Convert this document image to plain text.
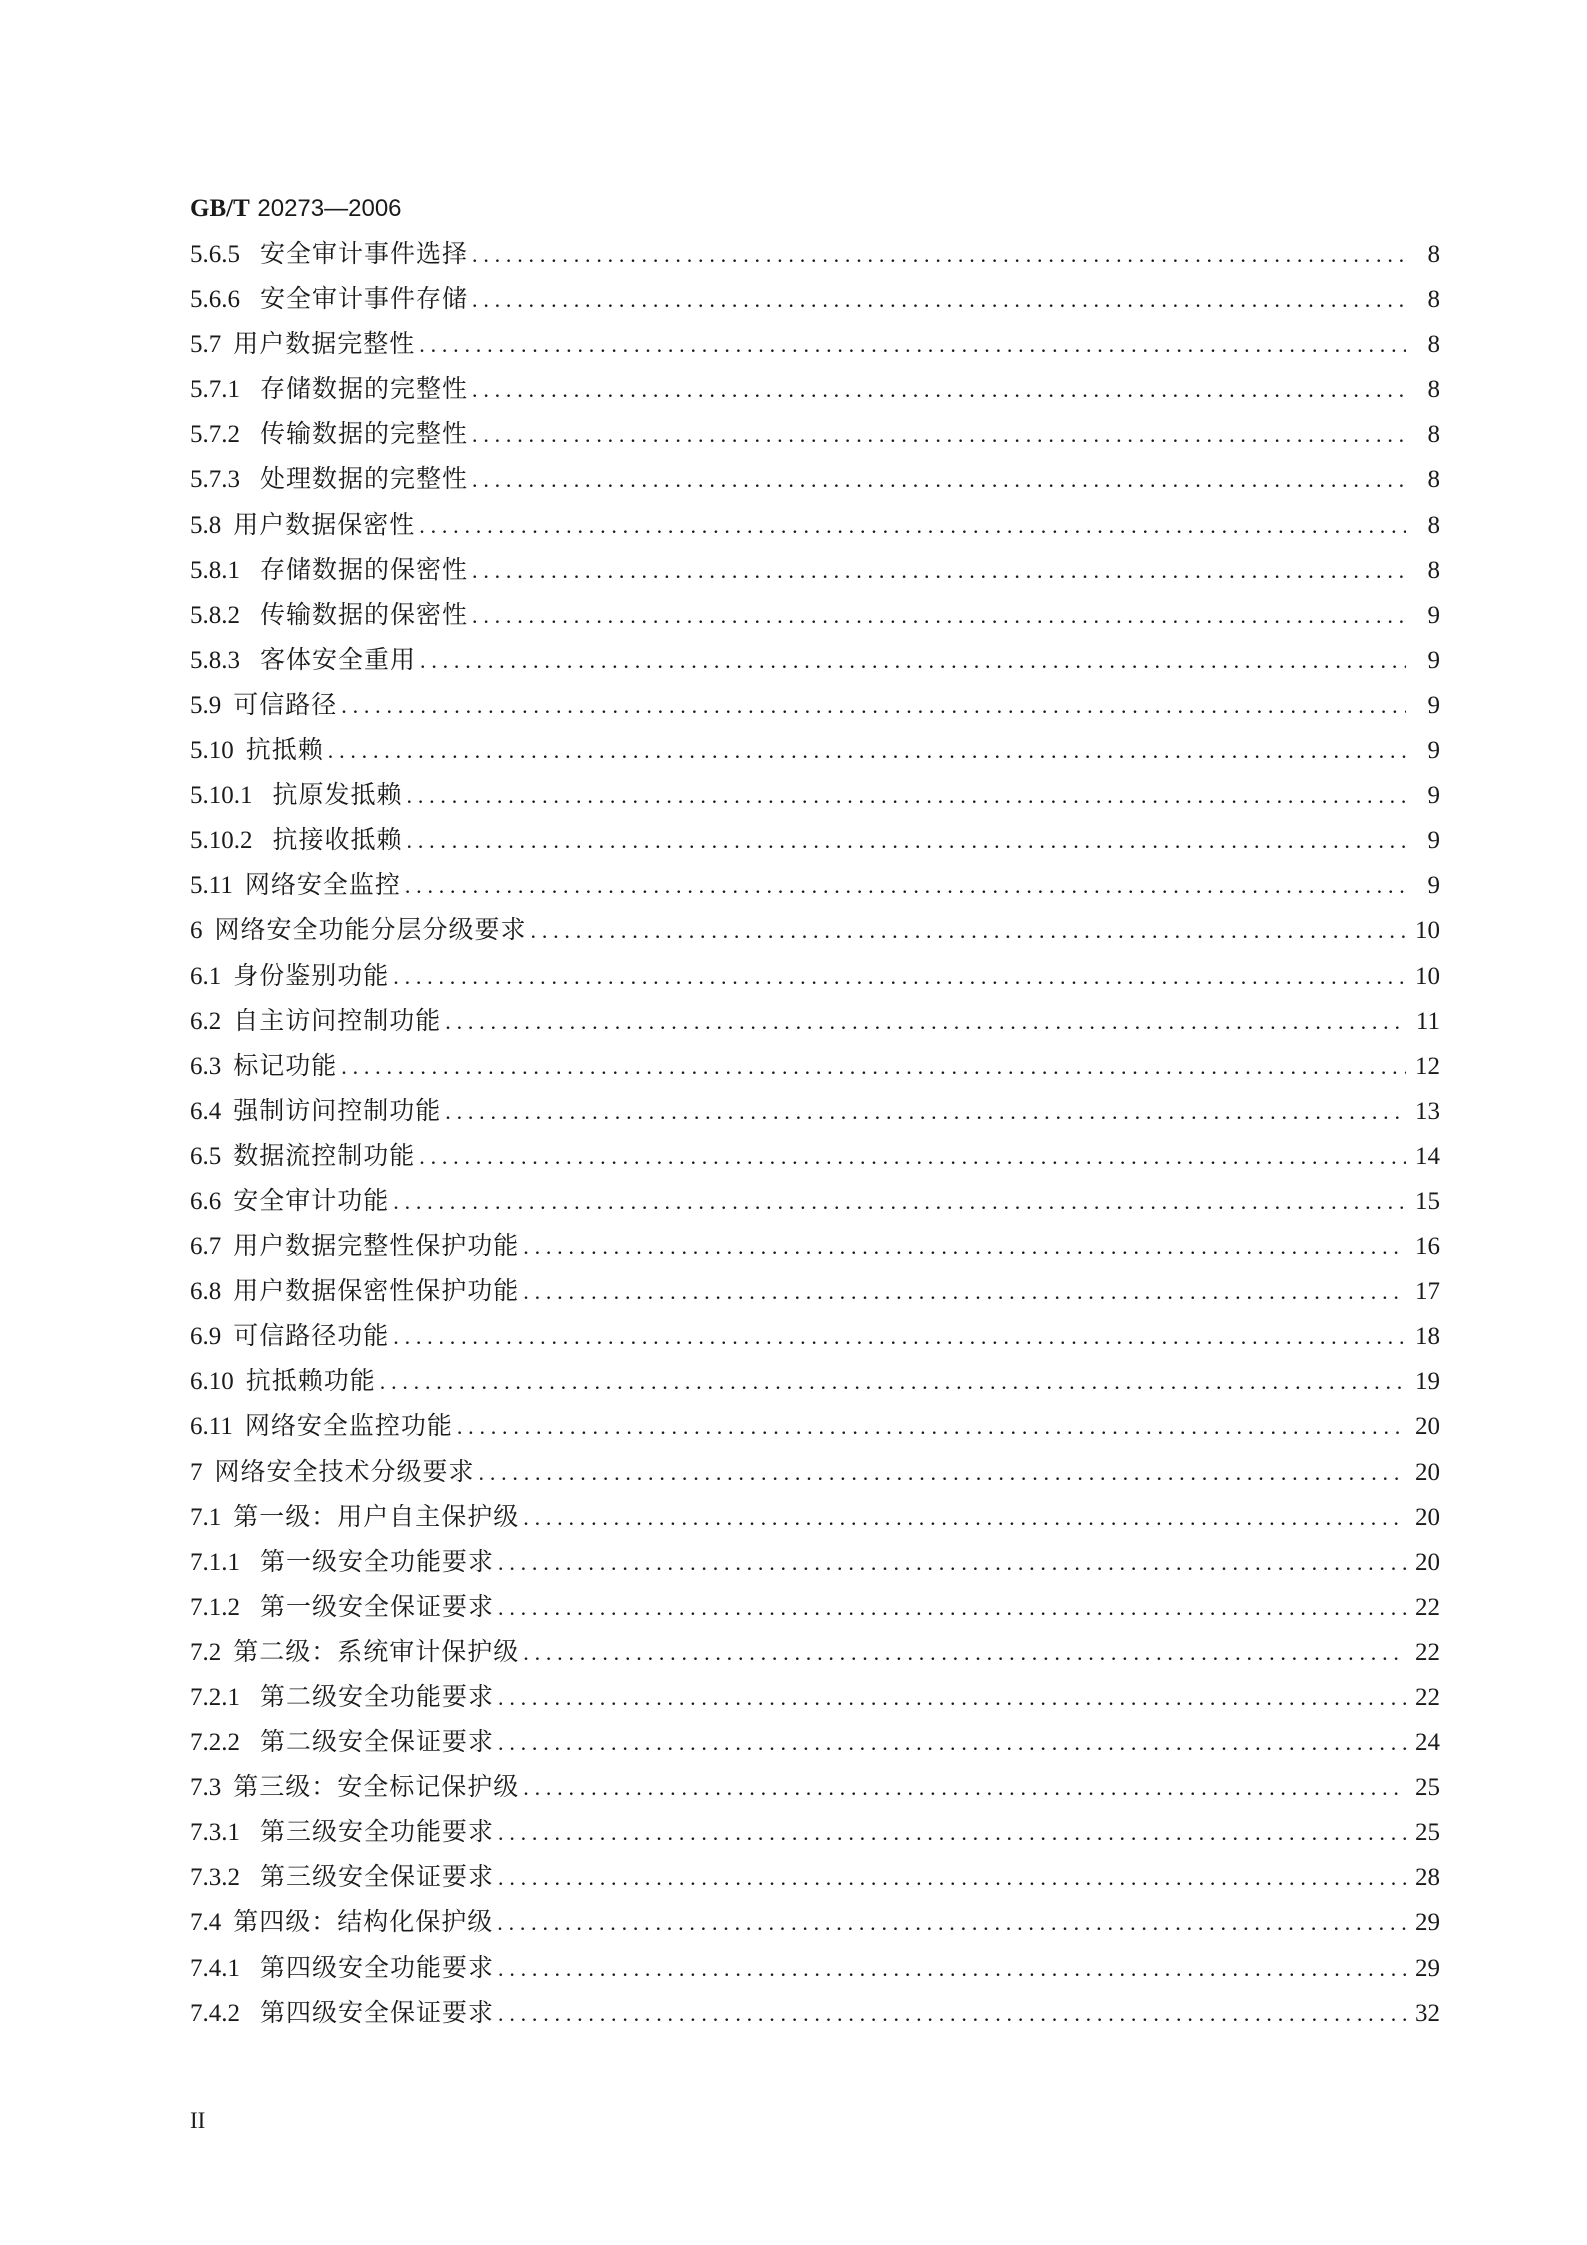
GB/T 20273—2006
5.6.5 安全审计事件选择 .....	8
5.6.6 安全审计事件存储 .....	8
5.7 用户数据完整性 .....	8
5.7.1 存储数据的完整性 .....	8
5.7.2 传输数据的完整性 .....	8
5.7.3 处理数据的完整性 .....	8
5.8 用户数据保密性 .....	8
5.8.1 存储数据的保密性 .....	8
5.8.2 传输数据的保密性 .....	9
5.8.3 客体安全重用 .....	9
5.9 可信路径 .....	9
5.10 抗抵赖 .....	9
5.10.1 抗原发抵赖 .....	9
5.10.2 抗接收抵赖 .....	9
5.11 网络安全监控 .....	9
6 网络安全功能分层分级要求 .....	10
6.1 身份鉴别功能 .....	10
6.2 自主访问控制功能 .....	11
6.3 标记功能 .....	12
6.4 强制访问控制功能 .....	13
6.5 数据流控制功能 .....	14
6.6 安全审计功能 .....	15
6.7 用户数据完整性保护功能 .....	16
6.8 用户数据保密性保护功能 .....	17
6.9 可信路径功能 .....	18
6.10 抗抵赖功能 .....	19
6.11 网络安全监控功能 .....	20
7 网络安全技术分级要求 .....	20
7.1 第一级：用户自主保护级 .....	20
7.1.1 第一级安全功能要求 .....	20
7.1.2 第一级安全保证要求 .....	22
7.2 第二级：系统审计保护级 .....	22
7.2.1 第二级安全功能要求 .....	22
7.2.2 第二级安全保证要求 .....	24
7.3 第三级：安全标记保护级 .....	25
7.3.1 第三级安全功能要求 .....	25
7.3.2 第三级安全保证要求 .....	28
7.4 第四级：结构化保护级 .....	29
7.4.1 第四级安全功能要求 .....	29
7.4.2 第四级安全保证要求 .....	32
II
